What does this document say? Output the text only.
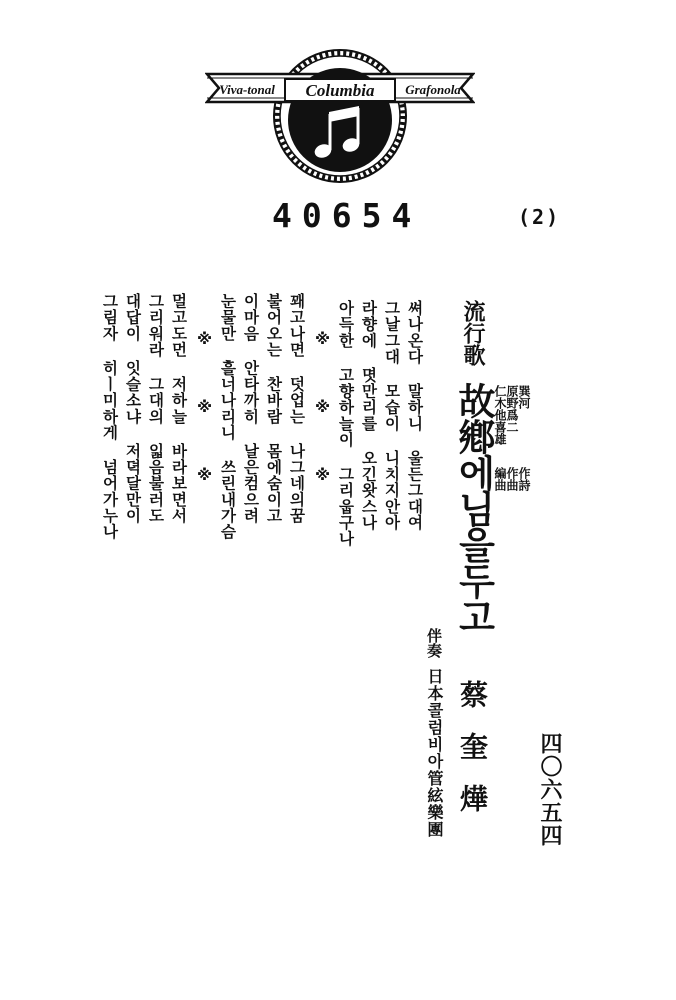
Columbia
Viva-tonal	Grafonola
40654	(2)
流行歌
故鄕에님을두고 巽河
原野爲二
仁木他喜雄
作詩
作曲
編曲
蔡奎燁
伴奏
日本콜럼비아管絃樂團	四〇六五四
쎠나온다 말하니 울든그대여
그날그대 모습이 니치지안아
라향에 몃만리를 오긴왓스나
아득한 고향하늘이 그리웁구나
※ ※ ※
꽤고나면 덧업는 나그네의꿈
불어오는 찬바람 몸에숨이고
이마음 안타까히 날은컴으려
눈물만 흘너나리니 쓰린내가슴
※ ※ ※
멀고도먼 저하늘 바라보면서
그리워라 그대의 읿음불러도
대답이 잇슬소냐 저뎍달만이
그림자 히ㅣ미하게 넘어가누나
